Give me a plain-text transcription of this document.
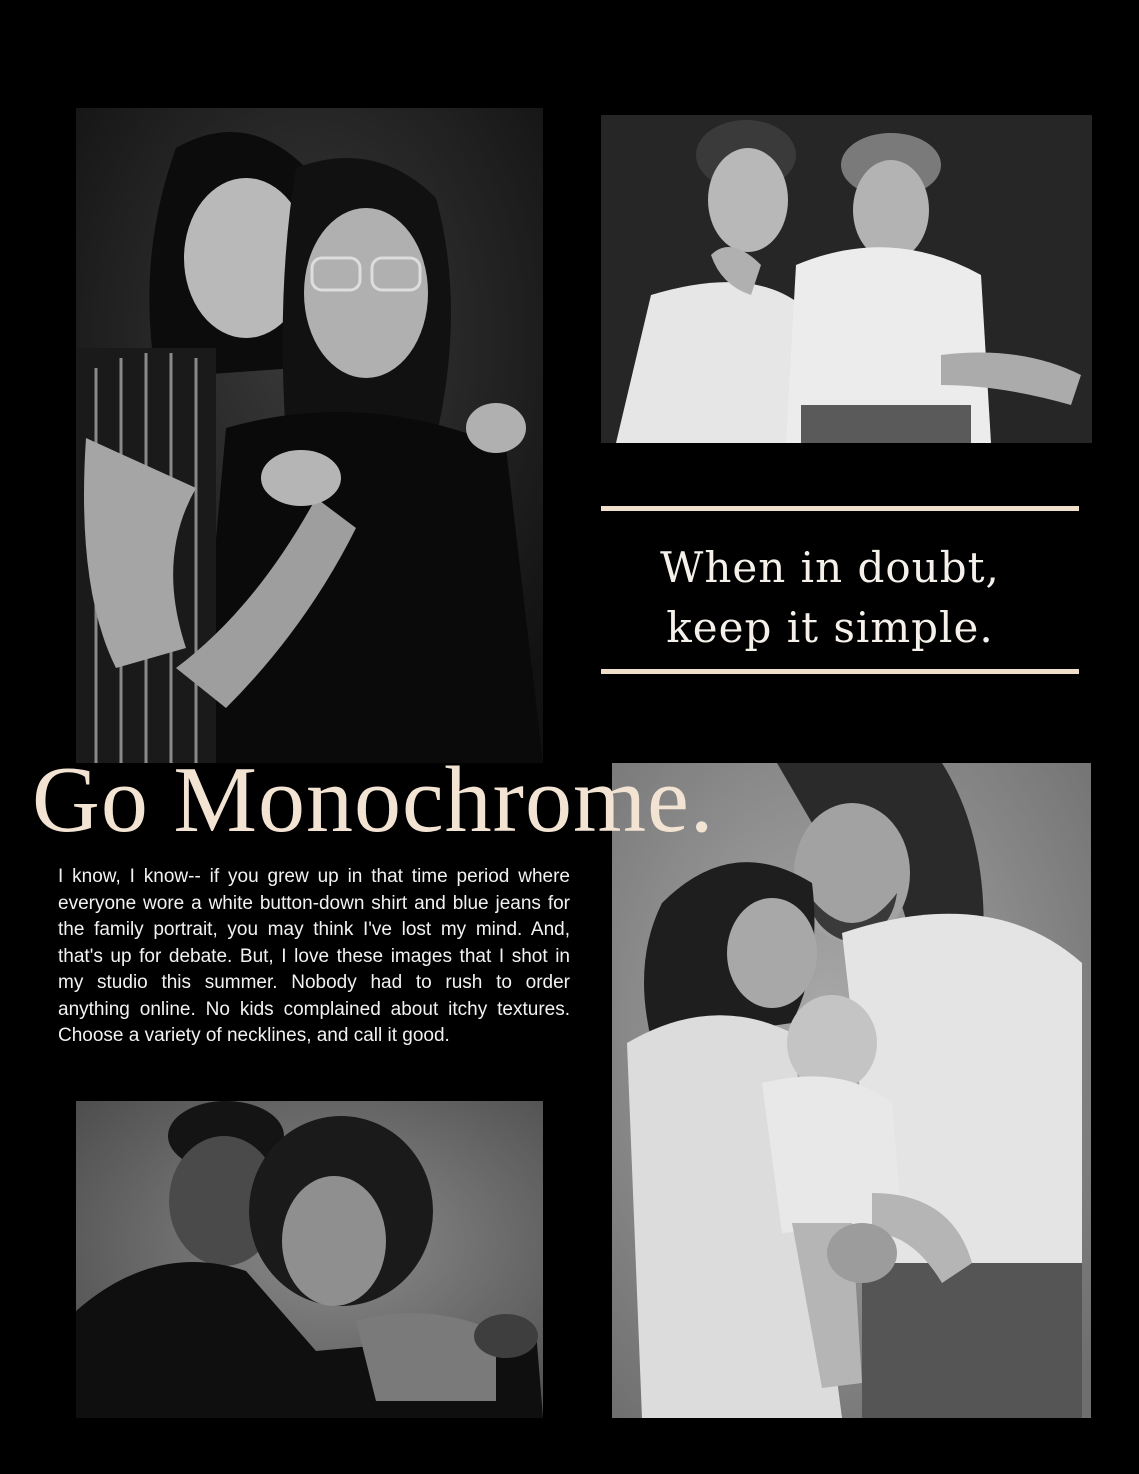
When in doubt,
keep it simple.
Go Monochrome.
I know, I know-- if you grew up in that time period where everyone wore a white button-down shirt and blue jeans for the family portrait, you may think I've lost my mind. And, that's up for debate. But, I love these images that I shot in my studio this summer. Nobody had to rush to order anything online. No kids complained about itchy textures. Choose a variety of necklines, and call it good.
